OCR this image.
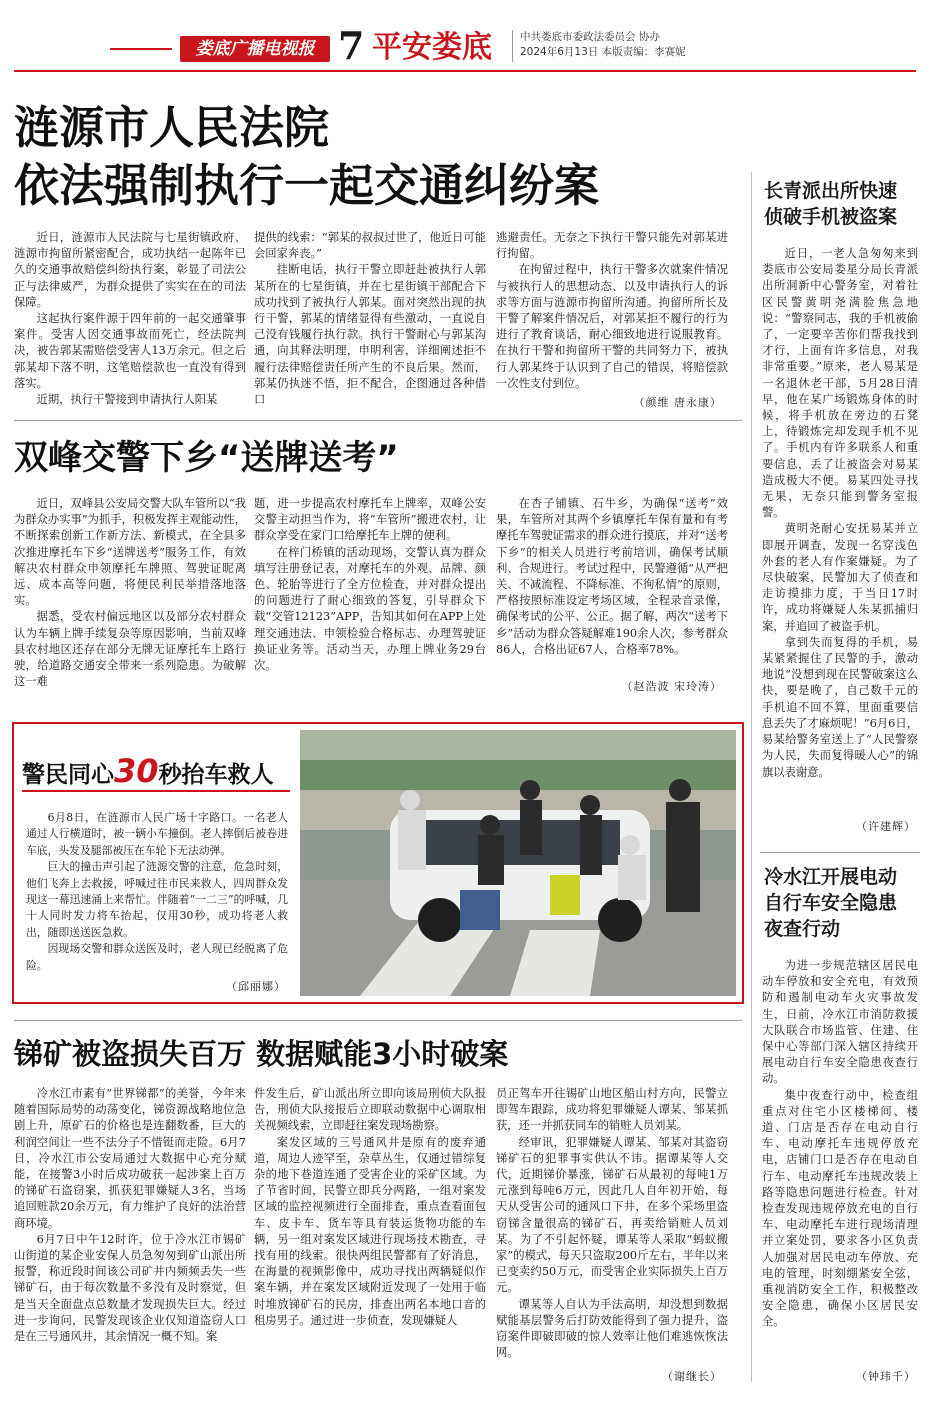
娄底广播电视报 7 平安娄底	中共娄底市委政法委员会 协办
2024年6月13日 本版责编：李赛妮
涟源市人民法院
依法强制执行一起交通纠纷案

近日，涟源市人民法院与七星街镇政府、涟源市拘留所紧密配合，成功执结一起陈年已久的交通事故赔偿纠纷执行案，彰显了司法公正与法律威严，为群众提供了实实在在的司法保障。

这起执行案件源于四年前的一起交通肇事案件。受害人因交通事故而死亡，经法院判决，被告郭某需赔偿受害人13万余元。但之后郭某却下落不明，这笔赔偿款也一直没有得到落实。

近期，执行干警接到申请执行人阳某

提供的线索：“郭某的叔叔过世了，他近日可能会回家奔丧。”

挂断电话，执行干警立即赶赴被执行人郭某所在的七星街镇，并在七星街镇干部配合下成功找到了被执行人郭某。面对突然出现的执行干警，郭某的情绪显得有些激动，一直说自己没有钱履行执行款。执行干警耐心与郭某沟通，向其释法明理，申明利害，详细阐述拒不履行法律赔偿责任所产生的不良后果。然而，郭某仍执迷不悟，拒不配合，企图通过各种借口

逃避责任。无奈之下执行干警只能先对郭某进行拘留。

在拘留过程中，执行干警多次就案件情况与被执行人的思想动态、以及申请执行人的诉求等方面与涟源市拘留所沟通。拘留所所长及干警了解案件情况后，对郭某拒不履行的行为进行了教育谈话，耐心细致地进行说服教育。在执行干警和拘留所干警的共同努力下，被执行人郭某终于认识到了自己的错误，将赔偿款一次性支付到位。

（颜维 唐永康）
双峰交警下乡“送牌送考”

近日，双峰县公安局交警大队车管所以“我为群众办实事”为抓手，积极发挥主观能动性，不断探索创新工作新方法、新模式，在全县多次推进摩托车下乡“送牌送考”服务工作，有效解决农村群众申领摩托车牌照、驾驶证昵离远、成本高等问题，将便民利民举措落地落实。

据悉，受农村偏远地区以及部分农村群众认为车辆上牌手续复杂等原因影响，当前双峰县农村地区还存在部分无牌无证摩托车上路行驶，给道路交通安全带来一系列隐患。为破解这一难

题，进一步提高农村摩托车上牌率，双峰公安交警主动担当作为，将“车管所”搬进农村，让群众享受在家门口给摩托车上牌的便利。

在梓门桥镇的活动现场，交警认真为群众填写注册登记表，对摩托车的外观、品牌、颜色、轮胎等进行了全方位检查，并对群众提出的问题进行了耐心细致的答复，引导群众下载“交管12123”APP，告知其如何在APP上处理交通违法、申领检验合格标志、办理驾驶证换证业务等。活动当天，办理上牌业务29台次。

在杏子铺镇、石牛乡，为确保“送考”效果，车管所对其两个乡镇摩托车保有量和有考摩托车驾驶证需求的群众进行摸底，并对“送考下乡”的相关人员进行考前培训，确保考试顺利、合规进行。考试过程中，民警遵循“从严把关、不减流程、不降标准、不徇私情”的原则，严格按照标准设定考场区域，全程录音录像，确保考试的公平、公正。据了解，两次“送考下乡”活动为群众答疑解难190余人次，参考群众86人，合格出证67人，合格率78%。

（赵浩波 宋玲涛）
警民同心30秒抬车救人

6月8日，在涟源市人民广场十字路口。一名老人通过人行横道时，被一辆小车撞倒。老人摔倒后被卷进车底，头发及腿部被压在车轮下无法动弹。

巨大的撞击声引起了涟源交警的注意，危急时刻，他们飞奔上去救援，呼喊过往市民来救人，四周群众发现这一幕迅速涌上来帮忙。伴随着“一二三”的呼喊，几十人同时发力将车抬起，仅用30秒，成功将老人救出，随即送送医急救。

因现场交警和群众送医及时，老人现已经脱离了危险。

（邱丽娜）
锑矿被盗损失百万 数据赋能3小时破案

冷水江市素有“世界锑都”的美誉，今年来随着国际局势的动荡变化，锑资源战略地位急剧上升，原矿石的价格也是连翻数番，巨大的利润空间让一些不法分子不惜铤而走险。6月7日，冷水江市公安局通过大数据中心充分赋能，在接警3小时后成功破获一起涉案上百万的锑矿石盗窃案，抓获犯罪嫌疑人3名，当场追回赃款20余万元，有力维护了良好的法治营商环境。

6月7日中午12时许，位于冷水江市锡矿山街道的某企业安保人员急匆匆到矿山派出所报警，称近段时间该公司矿井内频频丢失一些锑矿石，由于每次数量不多没有及时察觉，但是当天全面盘点总数量才发现损失巨大。经过进一步询问，民警发现该企业仅知道盗窃人口是在三号通风井，其余情况一概不知。案

件发生后，矿山派出所立即向该局刑侦大队报告，刑侦大队接报后立即联动数据中心调取相关视频线索，立即赶往案发现场勘察。

案发区域的三号通风井是原有的废弃通道，周边人迹罕至，杂草丛生，仅通过错综复杂的地下巷道连通了受害企业的采矿区域。为了节省时间，民警立即兵分两路，一组对案发区域的监控视频进行全面排查，重点查看面包车、皮卡车、货车等具有装运货物功能的车辆，另一组对案发区域进行现场技术勘查，寻找有用的线索。很快两组民警都有了好消息，在海量的视频影像中，成功寻找出两辆疑似作案车辆，并在案发区域附近发现了一处用于临时堆放锑矿石的民房，排查出两名本地口音的租房男子。通过进一步侦查，发现嫌疑人

员正驾车开往锡矿山地区船山村方向，民警立即驾车跟踪，成功将犯罪嫌疑人谭某、邹某抓获，还一并抓获同车的销赃人员刘某。

经审讯，犯罪嫌疑人谭某、邹某对其盗窃锑矿石的犯罪事实供认不讳。据谭某等人交代，近期锑价暴涨，锑矿石从最初的每吨1万元涨到每吨6万元，因此几人自年初开始，每天从受害公司的通风口下井，在多个采场里盗窃锑含量很高的锑矿石，再卖给销赃人员刘某。为了不引起怀疑，谭某等人采取“蚂蚁搬家”的模式，每天只盗取200斤左右，半年以来已变卖约50万元，而受害企业实际损失上百万元。

谭某等人自认为手法高明，却没想到数据赋能基层警务后打防效能得到了强力提升，盗窃案件即破即破的惊人效率让他们难逃恢恢法网。

（谢继长）
长青派出所快速
侦破手机被盗案

近日，一老人急匆匆来到娄底市公安局娄星分局长青派出所洞新中心警务室，对着社区民警黄明尧满脸焦急地说：“警察同志，我的手机被偷了，一定要辛苦你们帮我找到才行，上面有许多信息，对我非常重要。”原来，老人易某是一名退休老干部，5月28日清早，他在某广场锻炼身体的时候，将手机放在旁边的石凳上，待锻炼完却发现手机不见了。手机内有许多联系人和重要信息，丢了让被盗会对易某造成极大不便。易某四处寻找无果，无奈只能到警务室报警。

黄明尧耐心安抚易某并立即展开调查，发现一名穿浅色外套的老人有作案嫌疑。为了尽快破案，民警加大了侦查和走访摸排力度，于当日17时许，成功将嫌疑人朱某抓捕归案，并追回了被盗手机。

拿到失而复得的手机，易某紧紧握住了民警的手，激动地说“没想到现在民警破案这么快，要是晚了，自己数千元的手机追不回不算，里面重要信息丢失了才麻烦呢！”6月6日，易某给警务室送上了“人民警察为人民，失而复得暖人心”的锦旗以表谢意。

（许建辉）
冷水江开展电动
自行车安全隐患
夜查行动

为进一步规范辖区居民电动车停放和安全充电，有效预防和遏制电动车火灾事故发生，日前，冷水江市消防救援大队联合市场监管、住建、住保中心等部门深入辖区持续开展电动自行车安全隐患夜查行动。

集中夜查行动中，检查组重点对住宅小区楼梯间、楼道、门店是否存在电动自行车、电动摩托车违规停放充电，店铺门口是否存在电动自行车、电动摩托车违规改装上路等隐患问题进行检查。针对检查发现违规停放充电的自行车、电动摩托车进行现场清理并立案处罚，要求各小区负责人加强对居民电动车停放、充电的管理，时刻绷紧安全弦，重视消防安全工作，积极整改安全隐患，确保小区居民安全。

（钟玮千）
